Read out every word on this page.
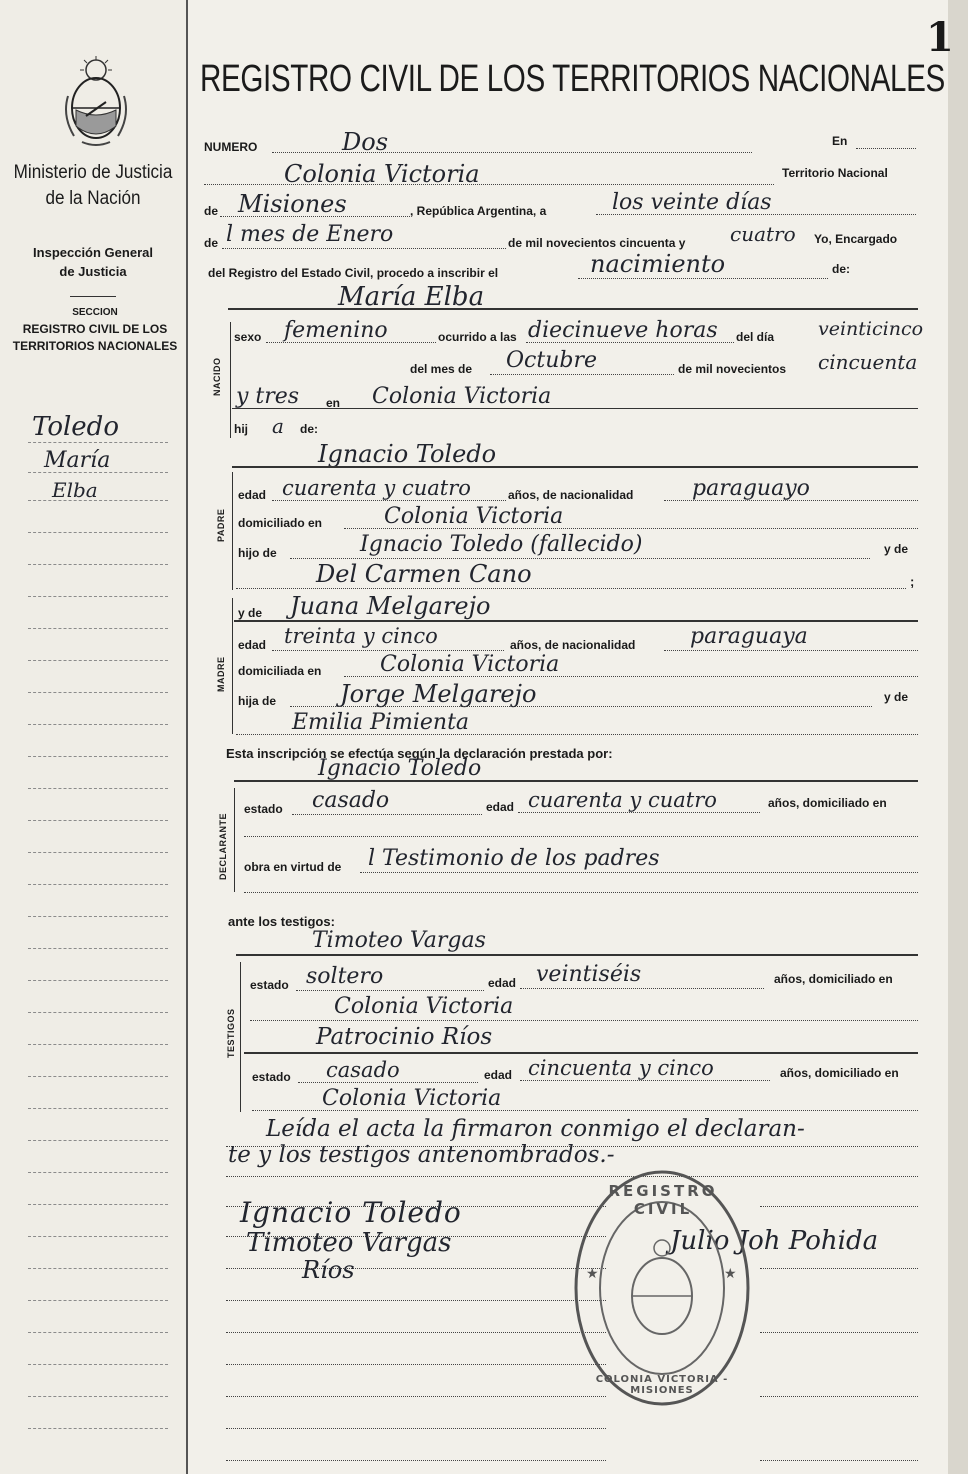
1
Ministerio de Justicia
de la Nación
Inspección General
de Justicia
SECCION
REGISTRO CIVIL DE LOS
TERRITORIOS NACIONALES
Toledo
María
Elba
REGISTRO CIVIL DE LOS TERRITORIOS NACIONALES
NUMERO	Dos	En
Colonia Victoria	Territorio Nacional
de Misiones	, República Argentina, a	los veinte días
de l mes de Enero	de mil novecientos cincuenta y cuatro Yo, Encargado
del Registro del Estado Civil, procedo a inscribir el	nacimiento	de:
María Elba
NACIDO
sexo femenino	ocurrido a las diecinueve horas del día veinticinco
del mes de Octubre	de mil novecientos cincuenta
y tres en Colonia Victoria
hij a de:
Ignacio Toledo
PADRE
edad cuarenta y cuatro	años, de nacionalidad	paraguayo
domiciliado en	Colonia Victoria
hijo de	Ignacio Toledo (fallecido)	y de
Del Carmen Cano	;
MADRE
y de Juana Melgarejo
edad treinta y cinco	años, de nacionalidad paraguaya
domiciliada en	Colonia Victoria
hija de	Jorge Melgarejo	y de
Emilia Pimienta
Esta inscripción se efectúa según la declaración prestada por:
Ignacio Toledo
DECLARANTE
estado casado	edad cuarenta y cuatro	años, domiciliado en
obra en virtud de l Testimonio de los padres
ante los testigos:
Timoteo Vargas
TESTIGOS
estado soltero	edad veintiséis	años, domiciliado en
Colonia Victoria
Patrocinio Ríos
estado casado	edad cincuenta y cinco	años, domiciliado en
Colonia Victoria
Leída el acta la firmaron conmigo el declaran-
te y los testigos antenombrados.-
Ignacio Toledo
Timoteo Vargas
Ríos
Julio Joh Pohida
★	★
REGISTRO CIVIL
COLONIA VICTORIA - MISIONES
